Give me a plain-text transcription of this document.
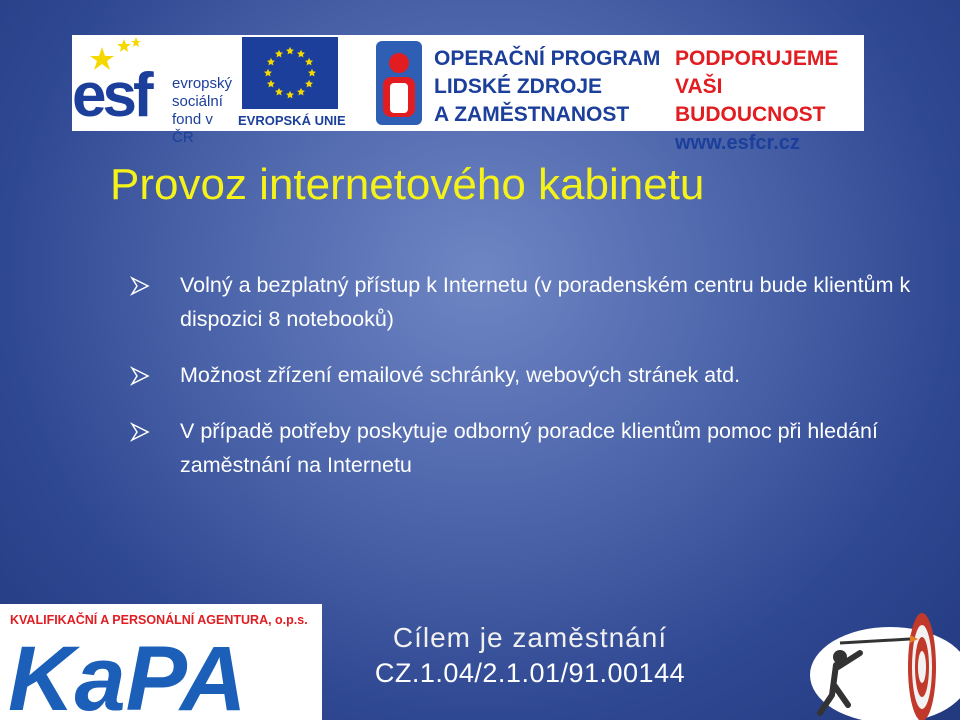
esf evropský
sociální
fond v ČR
EVROPSKÁ UNIE
OPERAČNÍ PROGRAM
LIDSKÉ ZDROJE
A ZAMĚSTNANOST
PODPORUJEME
VAŠI BUDOUCNOST
www.esfcr.cz
Provoz internetového kabinetu
Volný a bezplatný přístup k Internetu (v poradenském centru bude klientům k dispozici 8 notebooků)
Možnost zřízení emailové schránky, webových stránek atd.
V případě potřeby poskytuje odborný poradce klientům pomoc při hledání zaměstnání na Internetu
KVALIFIKAČNÍ A PERSONÁLNÍ AGENTURA, o.p.s.
KaPA	Cílem je zaměstnání
CZ.1.04/2.1.01/91.00144
